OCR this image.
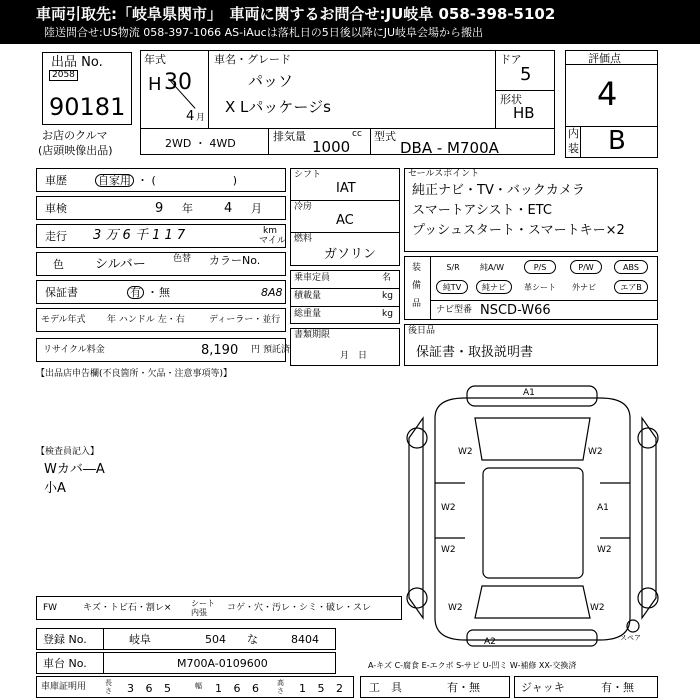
車両引取先:「岐阜県関市」　車両に関するお問合せ:JU岐阜 058-398-5102
陸送問合せ:US物流 058-397-1066 AS-iAucは落札日の5日後以降にJU岐阜会場から搬出
出品 No.
2058
90181
お店のクルマ
(店頭映像出品)
年式
H 30
4 月
車名・グレード
パッソ
X Lパッケージs
ドア
5
形状
HB
2WD ・ 4WD
排気量	cc
1000
型式
DBA - M700A
評価点
4
内
装 B
車歴	自家用 ・ (　　　　　　　)
車検	9 年 4 月
走行 3 万 6 千 1 1 7	km
マイル
色 シルバー	色替 カラーNo.
保証書	有 ・ 無	8A8
モデル年式 年 ハンドル 左・右	ディーラー・並行
リサイクル料金	8,190 円 預託済
シフト
IAT
冷房
AC
燃料
ガソリン
乗車定員	名
積載量	kg
総重量	kg
書類期限
月　日
セールスポイント
純正ナビ・TV・バックカメラ
スマートアシスト・ETC
プッシュスタート・スマートキー×2
装
備
品
S/R	純A/W	P/S	P/W	ABS
純TV	純ナビ	革シート	外ナビ	エアB
ナビ型番 NSCD-W66
後日品
保証書・取扱説明書
【出品店申告欄(不良箇所・欠品・注意事項等)】
【検査員記入】
Wカバ―A
小A
A1
W2	W2
W2	A1
W2	W2
W2	W2
A2	スペア
FW	キズ・トビ石・割レ× シート 内張	コゲ・穴・汚レ・シミ・破レ・スレ
登録 No.	岐阜	504 な	8404
車台 No.	M700A-0109600	A-キズ C-腐食 E-エクボ S-サビ U-凹ミ W-補修 XX-交換済
車庫証明用	長さ 3 6 5	幅 1 6 6 高さ 1 5 2 工　具	有・無	ジャッキ	有・無
